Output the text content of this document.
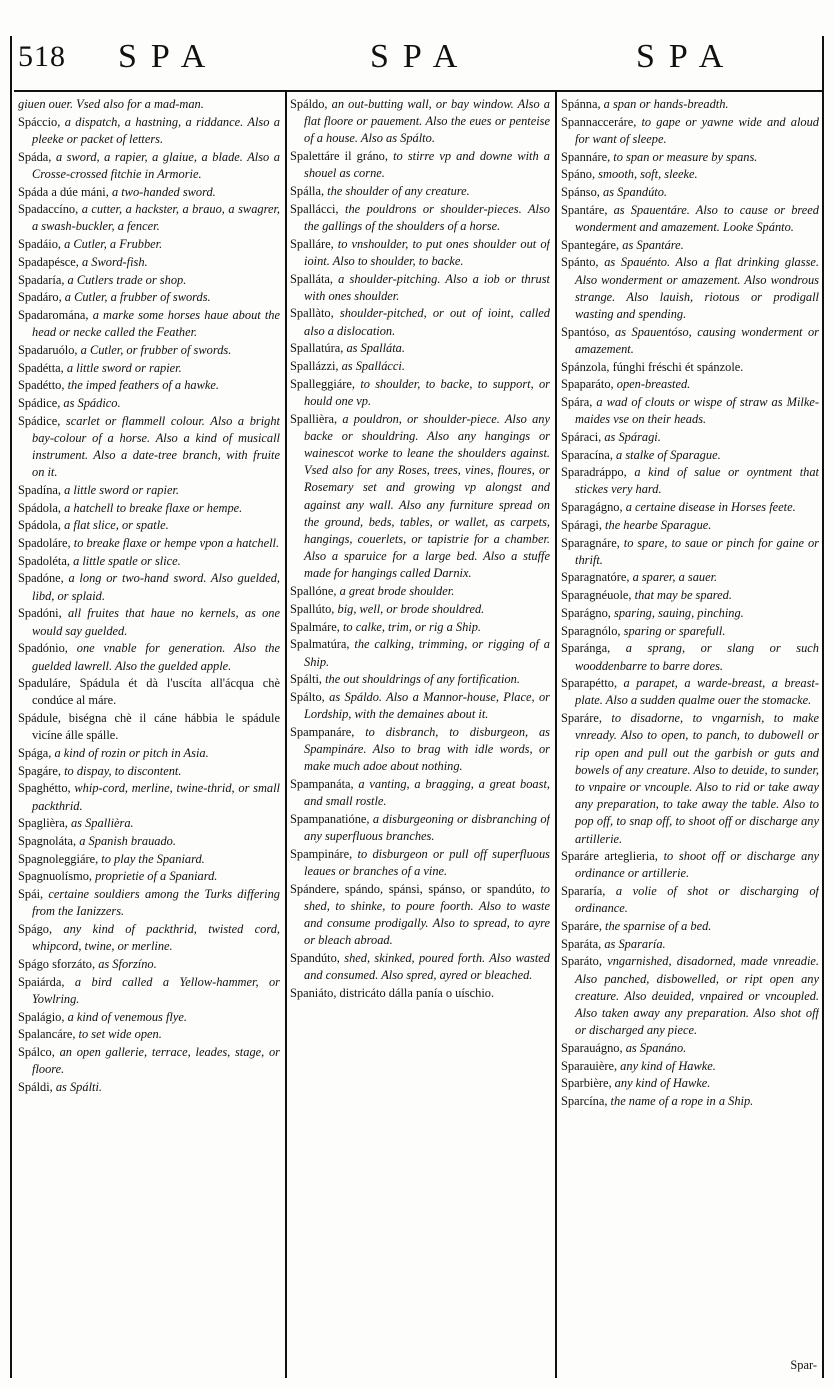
518 SPA	SPA	SPA
giuen ouer. Vsed also for a mad-man.
Spáccio, a dispatch, a hastning, a riddance. Also a pleeke or packet of letters.
Spáda, a sword, a rapier, a glaiue, a blade. Also a Crosse-crossed fitchie in Armorie.
Spáda a dúe máni, a two-handed sword.
Spadaccíno, a cutter, a hackster, a brauo, a swagrer, a swash-buckler, a fencer.
Spadáio, a Cutler, a Frubber.
Spadapésce, a Sword-fish.
Spadaría, a Cutlers trade or shop.
Spadáro, a Cutler, a frubber of swords.
Spadaromána, a marke some horses haue about the head or necke called the Feather.
Spadaruólo, a Cutler, or frubber of swords.
Spadétta, a little sword or rapier.
Spadétto, the imped feathers of a hawke.
Spádice, as Spádico.
Spádice, scarlet or flammell colour. Also a bright bay-colour of a horse. Also a kind of musicall instrument. Also a date-tree branch, with fruite on it.
Spadína, a little sword or rapier.
Spádola, a hatchell to breake flaxe or hempe.
Spádola, a flat slice, or spatle.
Spadoláre, to breake flaxe or hempe vpon a hatchell.
Spadoléta, a little spatle or slice.
Spadóne, a long or two-hand sword. Also guelded, libd, or splaid.
Spadóni, all fruites that haue no kernels, as one would say guelded.
Spadónio, one vnable for generation. Also the guelded lawrell. Also the guelded apple.
Spaduláre, Spádula ét dà l'uscíta all'ácqua chè condúce al máre.
Spádule, biségna chè il cáne hábbia le spádule vicíne álle spálle.
Spága, a kind of rozin or pitch in Asia.
Spagáre, to dispay, to discontent.
Spaghétto, whip-cord, merline, twine-thrid, or small packthrid.
Spaglièra, as Spallièra.
Spagnoláta, a Spanish brauado.
Spagnoleggiáre, to play the Spaniard.
Spagnuolísmo, proprietie of a Spaniard.
Spái, certaine souldiers among the Turks differing from the Ianizzers.
Spágo, any kind of packthrid, twisted cord, whipcord, twine, or merline.
Spágo sforzáto, as Sforzíno.
Spaiárda, a bird called a Yellow-hammer, or Yowlring.
Spalágio, a kind of venemous flye.
Spalancáre, to set wide open.
Spálco, an open gallerie, terrace, leades, stage, or floore.
Spáldi, as Spálti.
Spáldo, an out-butting wall, or bay window. Also a flat floore or pauement. Also the eues or penteise of a house. Also as Spálto.
Spalettáre il gráno, to stirre vp and downe with a shouel as corne.
Spálla, the shoulder of any creature.
Spallácci, the pouldrons or shoulder-pieces. Also the gallings of the shoulders of a horse.
Spalláre, to vnshoulder, to put ones shoulder out of ioint. Also to shoulder, to backe.
Spalláta, a shoulder-pitching. Also a iob or thrust with ones shoulder.
Spallàto, shoulder-pitched, or out of ioint, called also a dislocation.
Spallatúra, as Spalláta.
Spallázzi, as Spallácci.
Spalleggiáre, to shoulder, to backe, to support, or hould one vp.
Spallièra, a pouldron, or shoulder-piece. Also any backe or shouldring. Also any hangings or wainescot worke to leane the shoulders against. Vsed also for any Roses, trees, vines, floures, or Rosemary set and growing vp alongst and against any wall. Also any furniture spread on the ground, beds, tables, or wallet, as carpets, hangings, couerlets, or tapistrie for a chamber. Also a sparuice for a large bed. Also a stuffe made for hangings called Darnix.
Spallóne, a great brode shoulder.
Spallúto, big, well, or brode shouldred.
Spalmáre, to calke, trim, or rig a Ship.
Spalmatúra, the calking, trimming, or rigging of a Ship.
Spálti, the out shouldrings of any fortification.
Spálto, as Spáldo. Also a Mannor-house, Place, or Lordship, with the demaines about it.
Spampanáre, to disbranch, to disburgeon, as Spampináre. Also to brag with idle words, or make much adoe about nothing.
Spampanáta, a vanting, a bragging, a great boast, and small rostle.
Spampanatióne, a disburgeoning or disbranching of any superfluous branches.
Spampináre, to disburgeon or pull off superfluous leaues or branches of a vine.
Spándere, spándo, spánsi, spánso, or spandúto, to shed, to shinke, to poure foorth. Also to waste and consume prodigally. Also to spread, to ayre or bleach abroad.
Spandúto, shed, skinked, poured forth. Also wasted and consumed. Also spred, ayred or bleached.
Spaniáto, districáto dálla panía o uíschio.
Spánna, a span or hands-breadth.
Spannacceráre, to gape or yawne wide and aloud for want of sleepe.
Spannáre, to span or measure by spans.
Spáno, smooth, soft, sleeke.
Spánso, as Spandúto.
Spantáre, as Spauentáre. Also to cause or breed wonderment and amazement. Looke Spánto.
Spantegáre, as Spantáre.
Spánto, as Spauénto. Also a flat drinking glasse. Also wonderment or amazement. Also wondrous strange. Also lauish, riotous or prodigall wasting and spending.
Spantóso, as Spauentóso, causing wonderment or amazement.
Spánzola, fúnghi fréschi ét spánzole.
Spaparáto, open-breasted.
Spára, a wad of clouts or wispe of straw as Milke-maides vse on their heads.
Spáraci, as Spáragi.
Sparacína, a stalke of Sparague.
Sparadráppo, a kind of salue or oyntment that stickes very hard.
Sparagágno, a certaine disease in Horses feete.
Spáragi, the hearbe Sparague.
Sparagnáre, to spare, to saue or pinch for gaine or thrift.
Sparagnatóre, a sparer, a sauer.
Sparagnéuole, that may be spared.
Sparágno, sparing, sauing, pinching.
Sparagnólo, sparing or sparefull.
Sparánga, a sprang, or slang or such wooddenbarre to barre dores.
Sparapétto, a parapet, a warde-breast, a breast-plate. Also a sudden qualme ouer the stomacke.
Sparáre, to disadorne, to vngarnish, to make vnready. Also to open, to panch, to dubowell or rip open and pull out the garbish or guts and bowels of any creature. Also to deuide, to sunder, to vnpaire or vncouple. Also to rid or take away any preparation, to take away the table. Also to pop off, to snap off, to shoot off or discharge any artillerie.
Sparáre arteglieria, to shoot off or discharge any ordinance or artillerie.
Spararía, a volie of shot or discharging of ordinance.
Sparáre, the sparnise of a bed.
Sparáta, as Spararía.
Sparáto, vngarnished, disadorned, made vnreadie. Also panched, disbowelled, or ript open any creature. Also deuided, vnpaired or vncoupled. Also taken away any preparation. Also shot off or discharged any piece.
Sparauágno, as Spanáno.
Sparauière, any kind of Hawke.
Sparbière, any kind of Hawke.
Sparcína, the name of a rope in a Ship.
Spar-
